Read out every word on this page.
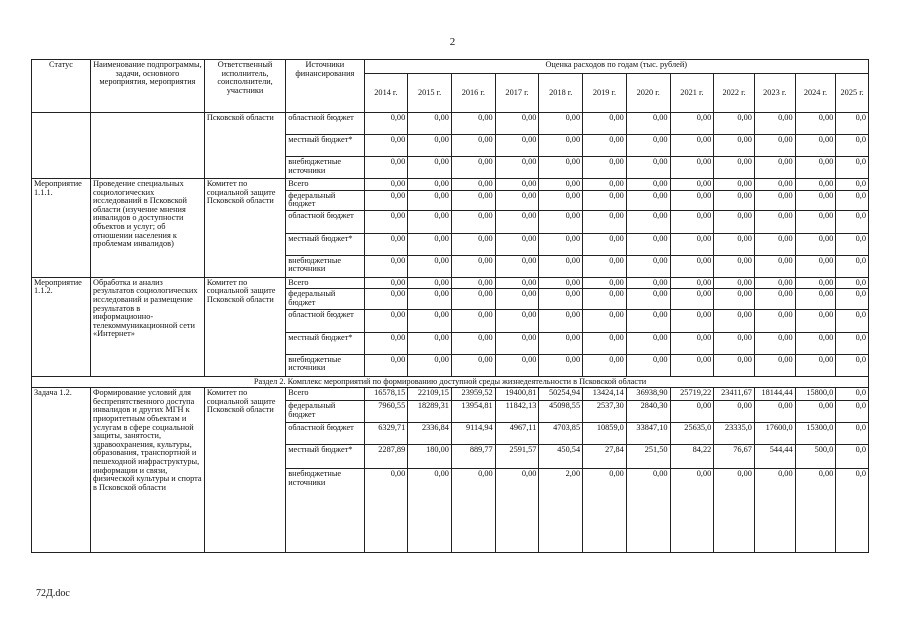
2
Статус	Наименование подпрограммы, задачи, основного мероприятия, мероприятия	Ответственный исполнитель, соисполнители, участники	Источники финансирования	Оценка расходов по годам (тыс. рублей)											
				2014 г.	2015 г.	2016 г.	2017 г.	2018 г.	2019 г.	2020 г.	2021 г.	2022 г.	2023 г.	2024 г.	2025 г.
		Псковской области	областной бюджет	0,00	0,00	0,00	0,00	0,00	0,00	0,00	0,00	0,00	0,00	0,00	0,0
			местный бюджет*	0,00	0,00	0,00	0,00	0,00	0,00	0,00	0,00	0,00	0,00	0,00	0,0
			внебюджетные источники	0,00	0,00	0,00	0,00	0,00	0,00	0,00	0,00	0,00	0,00	0,00	0,0
Мероприятие 1.1.1.	Проведение специальных социологических исследований в Псковской области (изучение мнения инвалидов о доступности объектов и услуг; об отношении населения к проблемам инвалидов)	Комитет по социальной защите Псковской области	Всего	0,00	0,00	0,00	0,00	0,00	0,00	0,00	0,00	0,00	0,00	0,00	0,0
			федеральный бюджет	0,00	0,00	0,00	0,00	0,00	0,00	0,00	0,00	0,00	0,00	0,00	0,0
			областной бюджет	0,00	0,00	0,00	0,00	0,00	0,00	0,00	0,00	0,00	0,00	0,00	0,0
			местный бюджет*	0,00	0,00	0,00	0,00	0,00	0,00	0,00	0,00	0,00	0,00	0,00	0,0
			внебюджетные источники	0,00	0,00	0,00	0,00	0,00	0,00	0,00	0,00	0,00	0,00	0,00	0,0
Мероприятие 1.1.2.	Обработка и анализ результатов социологических исследований и размещение результатов в информационно-телекоммуникационной сети «Интернет»	Комитет по социальной защите Псковской области	Всего	0,00	0,00	0,00	0,00	0,00	0,00	0,00	0,00	0,00	0,00	0,00	0,0
			федеральный бюджет	0,00	0,00	0,00	0,00	0,00	0,00	0,00	0,00	0,00	0,00	0,00	0,0
			областной бюджет	0,00	0,00	0,00	0,00	0,00	0,00	0,00	0,00	0,00	0,00	0,00	0,0
			местный бюджет*	0,00	0,00	0,00	0,00	0,00	0,00	0,00	0,00	0,00	0,00	0,00	0,0
			внебюджетные источники	0,00	0,00	0,00	0,00	0,00	0,00	0,00	0,00	0,00	0,00	0,00	0,0
Раздел 2. Комплекс мероприятий по формированию доступной среды жизнедеятельности в Псковской области															
Задача 1.2.	Формирование условий для беспрепятственного доступа инвалидов и других МГН к приоритетным объектам и услугам в сфере социальной защиты, занятости, здравоохранения, культуры, образования, транспортной и пешеходной инфраструктуры, информации и связи, физической культуры и спорта в Псковской области	Комитет по социальной защите Псковской области	Всего	16578,15	22109,15	23959,52	19400,81	50254,94	13424,14	36938,90	25719,22	23411,67	18144,44	15800,0	0,0
			федеральный бюджет	7960,55	18289,31	13954,81	11842,13	45098,55	2537,30	2840,30	0,00	0,00	0,00	0,00	0,0
			областной бюджет	6329,71	2336,84	9114,94	4967,11	4703,85	10859,0	33847,10	25635,0	23335,0	17600,0	15300,0	0,0
			местный бюджет*	2287,89	180,00	889,77	2591,57	450,54	27,84	251,50	84,22	76,67	544,44	500,0	0,0
			внебюджетные источники	0,00	0,00	0,00	0,00	2,00	0,00	0,00	0,00	0,00	0,00	0,00	0,0
72Д.doc
